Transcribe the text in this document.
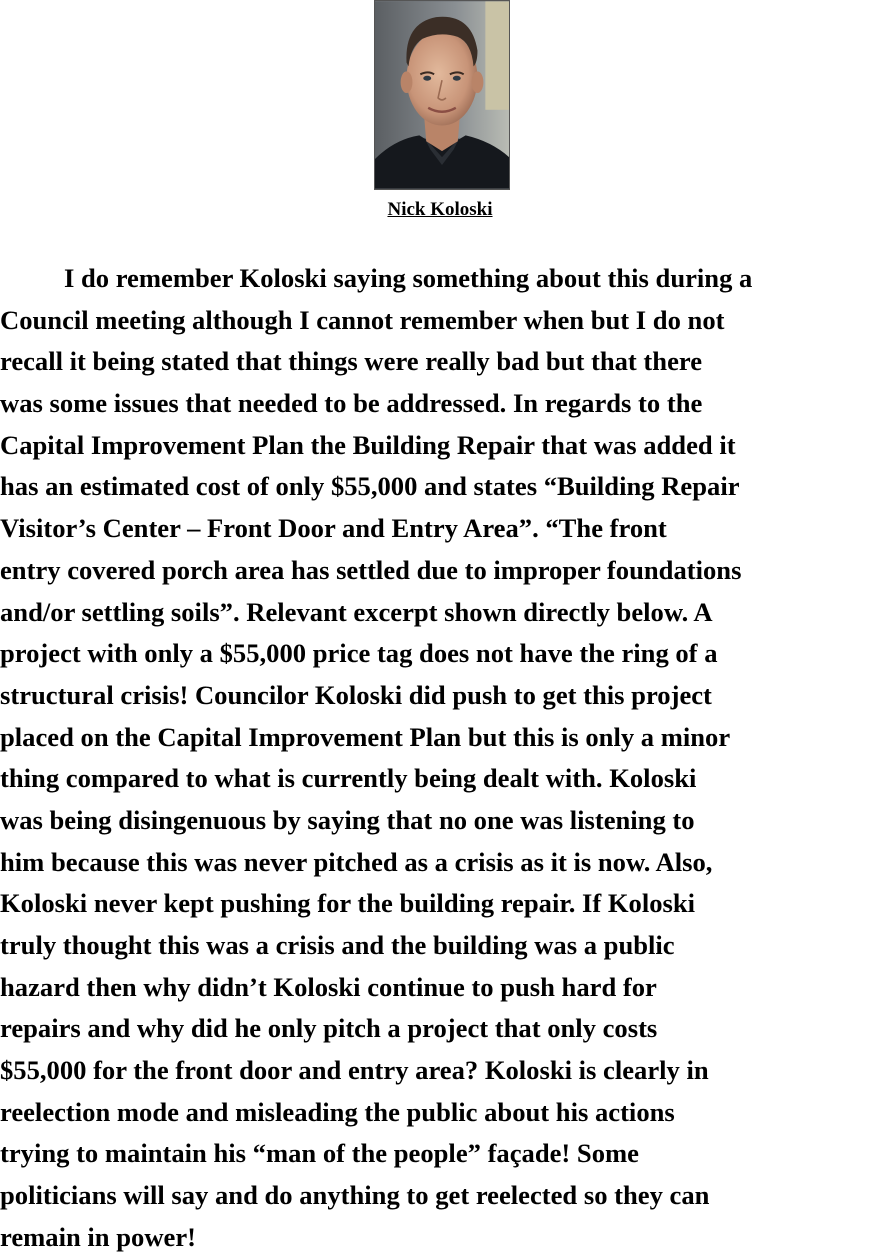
Nick Koloski
I do remember Koloski saying something about this during a
Council meeting although I cannot remember when but I do not
recall it being stated that things were really bad but that there
was some issues that needed to be addressed. In regards to the
Capital Improvement Plan the Building Repair that was added it
has an estimated cost of only $55,000 and states “Building Repair
Visitor’s Center – Front Door and Entry Area”. “The front
entry covered porch area has settled due to improper foundations
and/or settling soils”. Relevant excerpt shown directly below. A
project with only a $55,000 price tag does not have the ring of a
structural crisis! Councilor Koloski did push to get this project
placed on the Capital Improvement Plan but this is only a minor
thing compared to what is currently being dealt with. Koloski
was being disingenuous by saying that no one was listening to
him because this was never pitched as a crisis as it is now. Also,
Koloski never kept pushing for the building repair. If Koloski
truly thought this was a crisis and the building was a public
hazard then why didn’t Koloski continue to push hard for
repairs and why did he only pitch a project that only costs
$55,000 for the front door and entry area? Koloski is clearly in
reelection mode and misleading the public about his actions
trying to maintain his “man of the people” façade! Some
politicians will say and do anything to get reelected so they can
remain in power!
